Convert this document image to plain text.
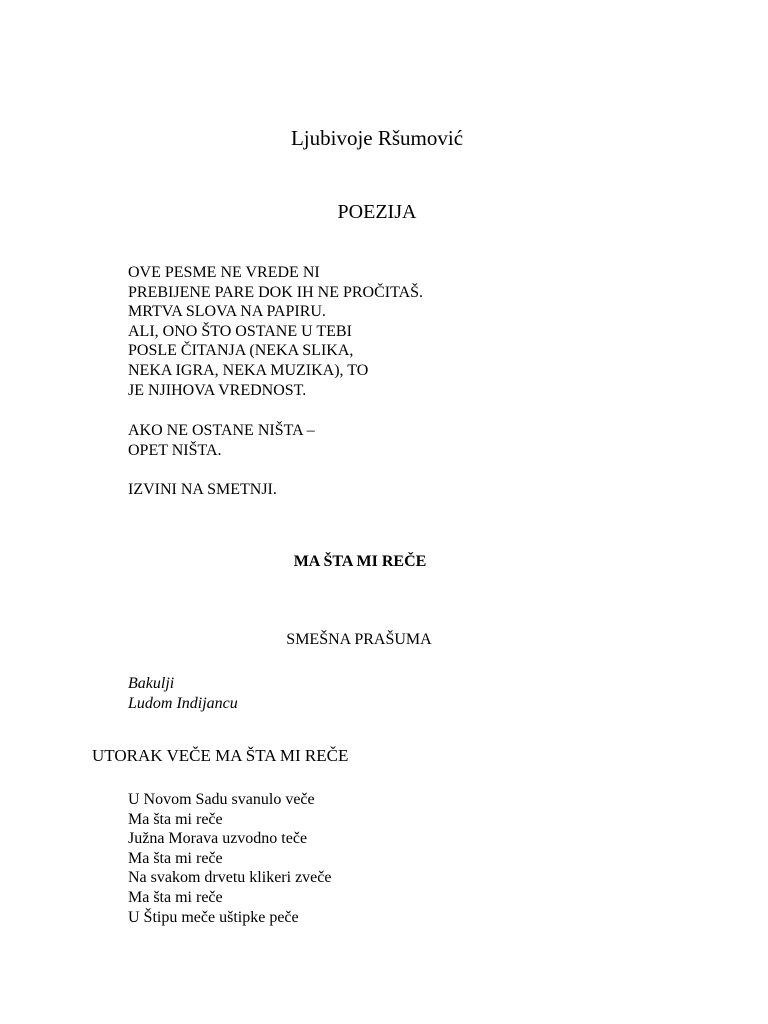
Ljubivoje Ršumović

POEZIJA

OVE PESME NE VREDE NI
PREBIJENE PARE DOK IH NE PROČITAŠ.
MRTVA SLOVA NA PAPIRU.
ALI, ONO ŠTO OSTANE U TEBI
POSLE ČITANJA (NEKA SLIKA,
NEKA IGRA, NEKA MUZIKA), TO
JE NJIHOVA VREDNOST.
AKO NE OSTANE NIŠTA –
OPET NIŠTA.
IZVINI NA SMETNJI.

MA ŠTA MI REČE

SMEŠNA PRAŠUMA

Bakulji
Ludom Indijancu

UTORAK VEČE MA ŠTA MI REČE

U Novom Sadu svanulo veče
Ma šta mi reče
Južna Morava uzvodno teče
Ma šta mi reče
Na svakom drvetu klikeri zveče
Ma šta mi reče
U Štipu meče uštipke peče
